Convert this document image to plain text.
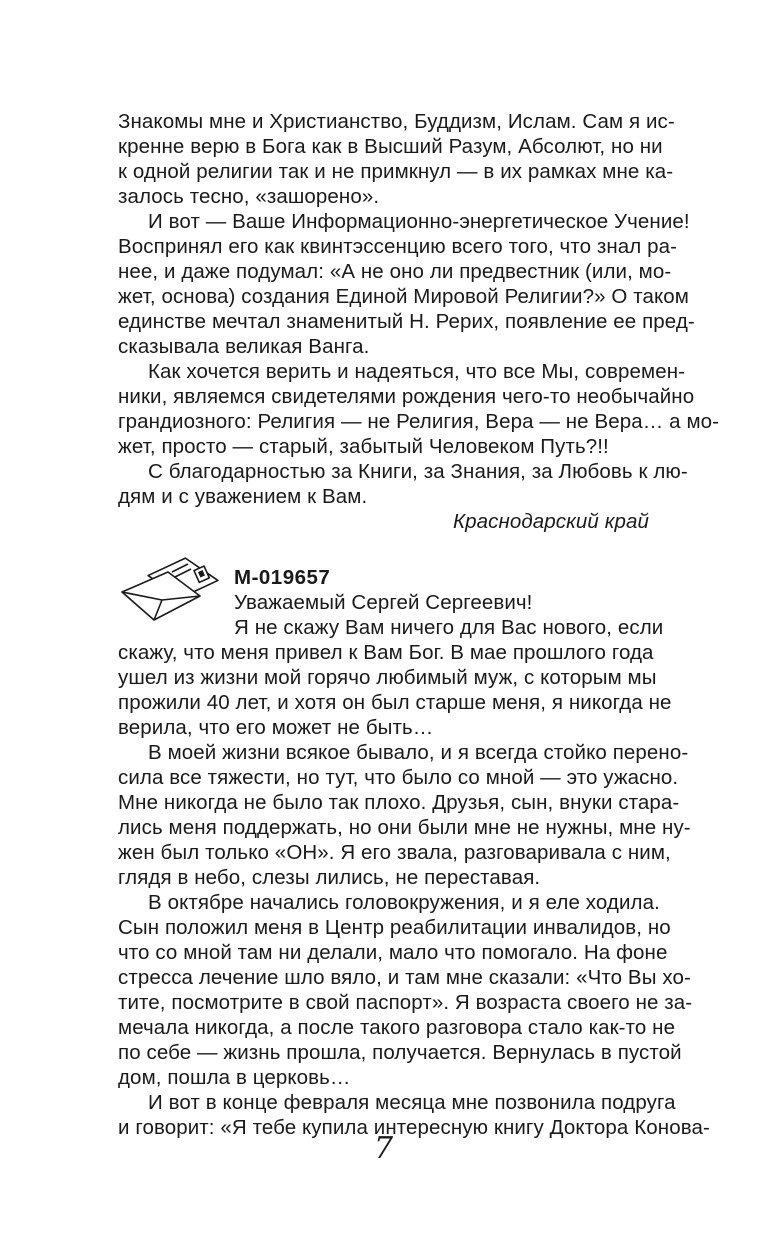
Знакомы мне и Христианство, Буддизм, Ислам. Сам я ис-
кренне верю в Бога как в Высший Разум, Абсолют, но ни
к одной религии так и не примкнул — в их рамках мне ка-
залось тесно, «зашорено».
И вот — Ваше Информационно-энергетическое Учение!
Воспринял его как квинтэссенцию всего того, что знал ра-
нее, и даже подумал: «А не оно ли предвестник (или, мо-
жет, основа) создания Единой Мировой Религии?» О таком
единстве мечтал знаменитый Н. Рерих, появление ее пред-
сказывала великая Ванга.
Как хочется верить и надеяться, что все Мы, современ-
ники, являемся свидетелями рождения чего-то необычайно
грандиозного: Религия — не Религия, Вера — не Вера… а мо-
жет, просто — старый, забытый Человеком Путь?!!
С благодарностью за Книги, за Знания, за Любовь к лю-
дям и с уважением к Вам.
Краснодарский край
M-019657
Уважаемый Сергей Сергеевич!
Я не скажу Вам ничего для Вас нового, если
скажу, что меня привел к Вам Бог. В мае прошлого года
ушел из жизни мой горячо любимый муж, с которым мы
прожили 40 лет, и хотя он был старше меня, я никогда не
верила, что его может не быть…
В моей жизни всякое бывало, и я всегда стойко перено-
сила все тяжести, но тут, что было со мной — это ужасно.
Мне никогда не было так плохо. Друзья, сын, внуки стара-
лись меня поддержать, но они были мне не нужны, мне ну-
жен был только «ОН». Я его звала, разговаривала с ним,
глядя в небо, слезы лились, не переставая.
В октябре начались головокружения, и я еле ходила.
Сын положил меня в Центр реабилитации инвалидов, но
что со мной там ни делали, мало что помогало. На фоне
стресса лечение шло вяло, и там мне сказали: «Что Вы хо-
тите, посмотрите в свой паспорт». Я возраста своего не за-
мечала никогда, а после такого разговора стало как-то не
по себе — жизнь прошла, получается. Вернулась в пустой
дом, пошла в церковь…
И вот в конце февраля месяца мне позвонила подруга
и говорит: «Я тебе купила интересную книгу Доктора Конова-
7
